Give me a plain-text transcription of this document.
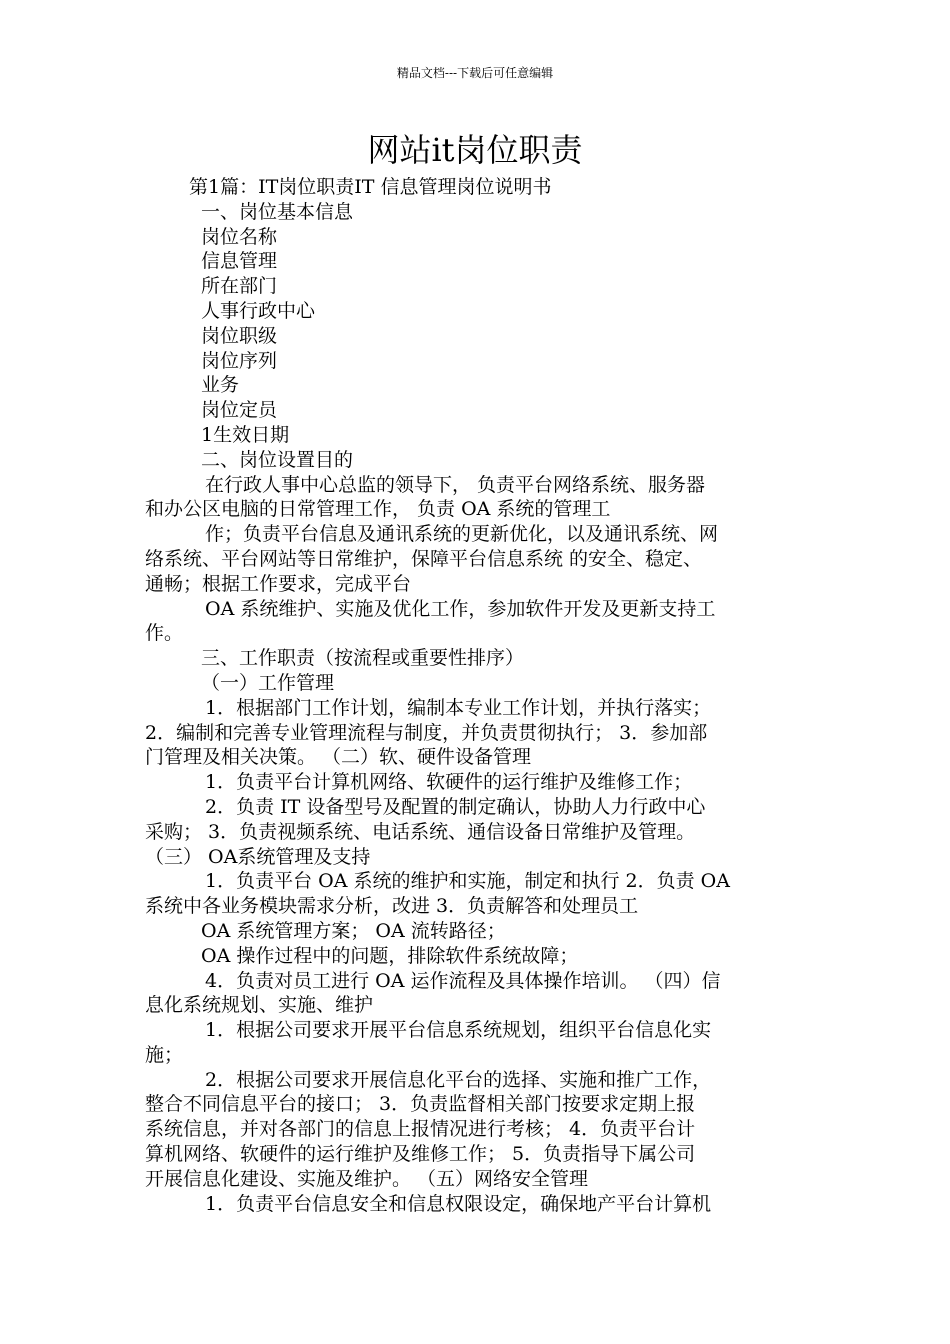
精品文档---下载后可任意编辑
网站it岗位职责

第1篇：IT岗位职责IT 信息管理岗位说明书

一、岗位基本信息

岗位名称

信息管理

所在部门

人事行政中心

岗位职级

岗位序列

业务

岗位定员

1生效日期

二、岗位设置目的

在行政人事中心总监的领导下， 负责平台网络系统、服务器

和办公区电脑的日常管理工作， 负责 OA 系统的管理工

作；负责平台信息及通讯系统的更新优化，以及通讯系统、网

络系统、平台网站等日常维护，保障平台信息系统 的安全、稳定、

通畅；根据工作要求，完成平台

OA 系统维护、实施及优化工作，参加软件开发及更新支持工

作。

三、工作职责（按流程或重要性排序）

（一）工作管理

1．根据部门工作计划，编制本专业工作计划，并执行落实；

2．编制和完善专业管理流程与制度，并负责贯彻执行； 3．参加部

门管理及相关决策。 （二）软、硬件设备管理

1．负责平台计算机网络、软硬件的运行维护及维修工作；

2．负责 IT 设备型号及配置的制定确认，协助人力行政中心

采购； 3．负责视频系统、电话系统、通信设备日常维护及管理。

（三） OA系统管理及支持

1．负责平台 OA 系统的维护和实施，制定和执行 2．负责 OA

系统中各业务模块需求分析，改进 3．负责解答和处理员工

OA 系统管理方案； OA 流转路径；

OA 操作过程中的问题，排除软件系统故障；

4．负责对员工进行 OA 运作流程及具体操作培训。 （四）信

息化系统规划、实施、维护

1．根据公司要求开展平台信息系统规划，组织平台信息化实

施；

2．根据公司要求开展信息化平台的选择、实施和推广工作，

整合不同信息平台的接口； 3．负责监督相关部门按要求定期上报

系统信息，并对各部门的信息上报情况进行考核； 4．负责平台计

算机网络、软硬件的运行维护及维修工作； 5．负责指导下属公司

开展信息化建设、实施及维护。 （五）网络安全管理

1．负责平台信息安全和信息权限设定，确保地产平台计算机
